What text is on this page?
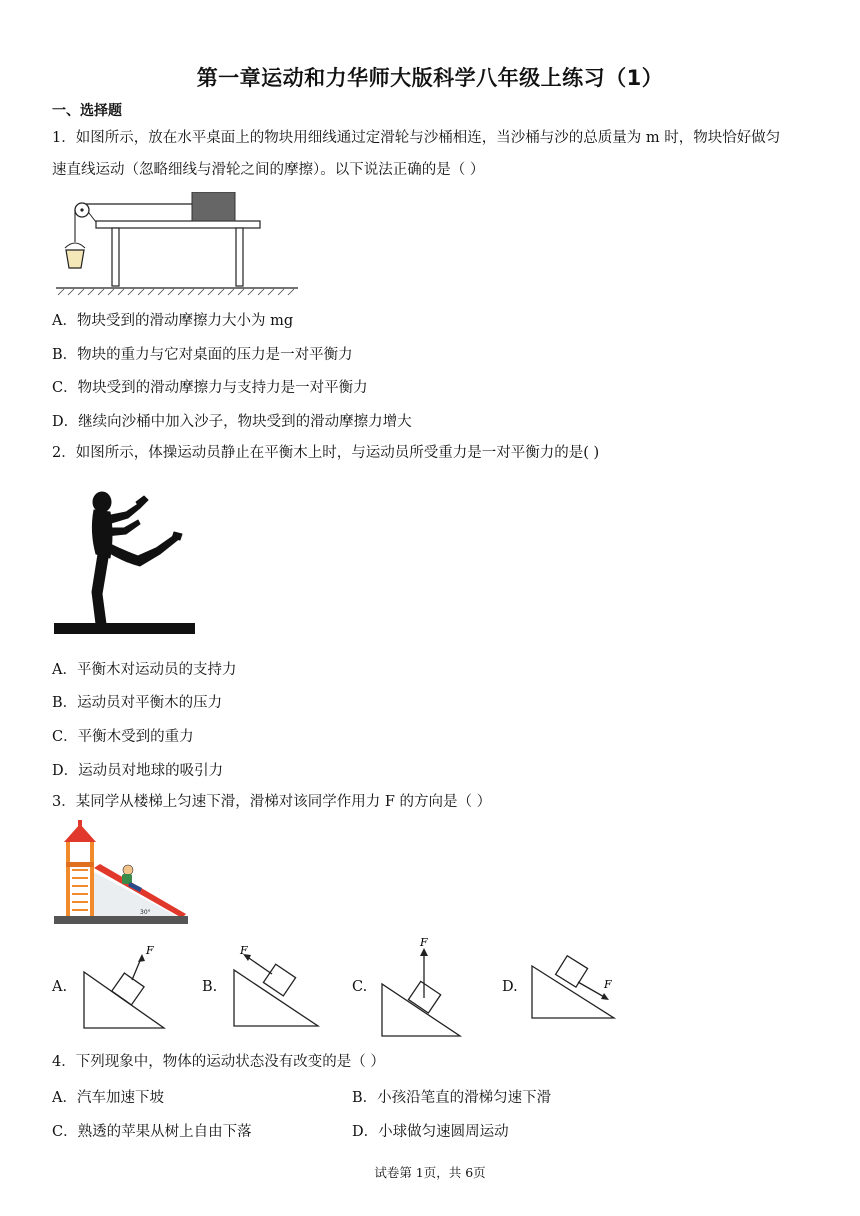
第一章运动和力华师大版科学八年级上练习（1）
一、选择题
1．如图所示，放在水平桌面上的物块用细线通过定滑轮与沙桶相连，当沙桶与沙的总质量为 m 时，物块恰好做匀
速直线运动（忽略细线与滑轮之间的摩擦）。以下说法正确的是（ ）
A．物块受到的滑动摩擦力大小为 mg
B．物块的重力与它对桌面的压力是一对平衡力
C．物块受到的滑动摩擦力与支持力是一对平衡力
D．继续向沙桶中加入沙子，物块受到的滑动摩擦力增大
2．如图所示，体操运动员静止在平衡木上时，与运动员所受重力是一对平衡力的是( )
A．平衡木对运动员的支持力
B．运动员对平衡木的压力
C．平衡木受到的重力
D．运动员对地球的吸引力
3．某同学从楼梯上匀速下滑，滑梯对该同学作用力 F 的方向是（ ）
30°
A.
F
B.
F
C.
F
D.	F
4．下列现象中，物体的运动状态没有改变的是（ ）
A．汽车加速下坡	B．小孩沿笔直的滑梯匀速下滑
C．熟透的苹果从树上自由下落	D．小球做匀速圆周运动
试卷第 1页，共 6页
